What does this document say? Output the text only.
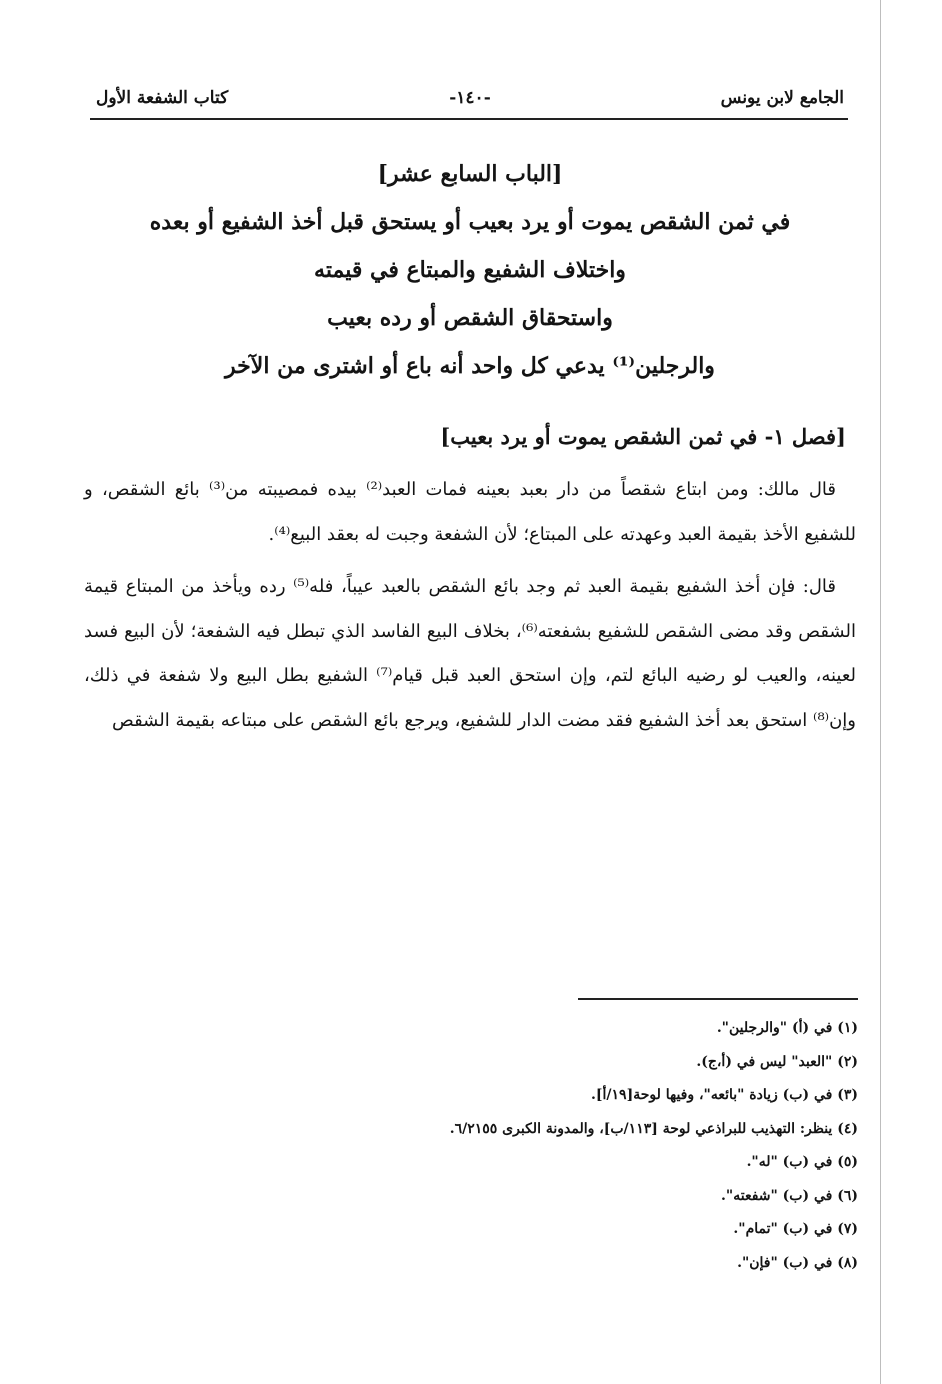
الجامع لابن يونس
-١٤٠-
كتاب الشفعة الأول
[الباب السابع عشر]
في ثمن الشقص يموت أو يرد بعيب أو يستحق قبل أخذ الشفيع أو بعده
واختلاف الشفيع والمبتاع في قيمته
واستحقاق الشقص أو رده بعيب
والرجلين⁽¹⁾ يدعي كل واحد أنه باع أو اشترى من الآخر
[فصل ١- في ثمن الشقص يموت أو يرد بعيب]

قال مالك: ومن ابتاع شقصاً من دار بعبد بعينه فمات العبد⁽²⁾ بيده فمصيبته من⁽³⁾ بائع الشقص، و للشفيع الأخذ بقيمة العبد وعهدته على المبتاع؛ لأن الشفعة وجبت له بعقد البيع⁽⁴⁾.

قال: فإن أخذ الشفيع بقيمة العبد ثم وجد بائع الشقص بالعبد عيباً، فله⁽⁵⁾ رده ويأخذ من المبتاع قيمة الشقص وقد مضى الشقص للشفيع بشفعته⁽⁶⁾، بخلاف البيع الفاسد الذي تبطل فيه الشفعة؛ لأن البيع فسد لعينه، والعيب لو رضيه البائع لتم، وإن استحق العبد قبل قيام⁽⁷⁾ الشفيع بطل البيع ولا شفعة في ذلك، وإن⁽⁸⁾ استحق بعد أخذ الشفيع فقد مضت الدار للشفيع، ويرجع بائع الشقص على مبتاعه بقيمة الشقص

(١) في (أ) "والرجلين".
(٢) "العبد" ليس في (أ،ج).
(٣) في (ب) زيادة "بائعه"، وفيها لوحة[١٩/أ].
(٤) ينظر: التهذيب للبراذعي لوحة [١١٣/ب]، والمدونة الكبرى ٦/٢١٥٥.
(٥) في (ب) "له".
(٦) في (ب) "شفعته".
(٧) في (ب) "تمام".
(٨) في (ب) "فإن".
